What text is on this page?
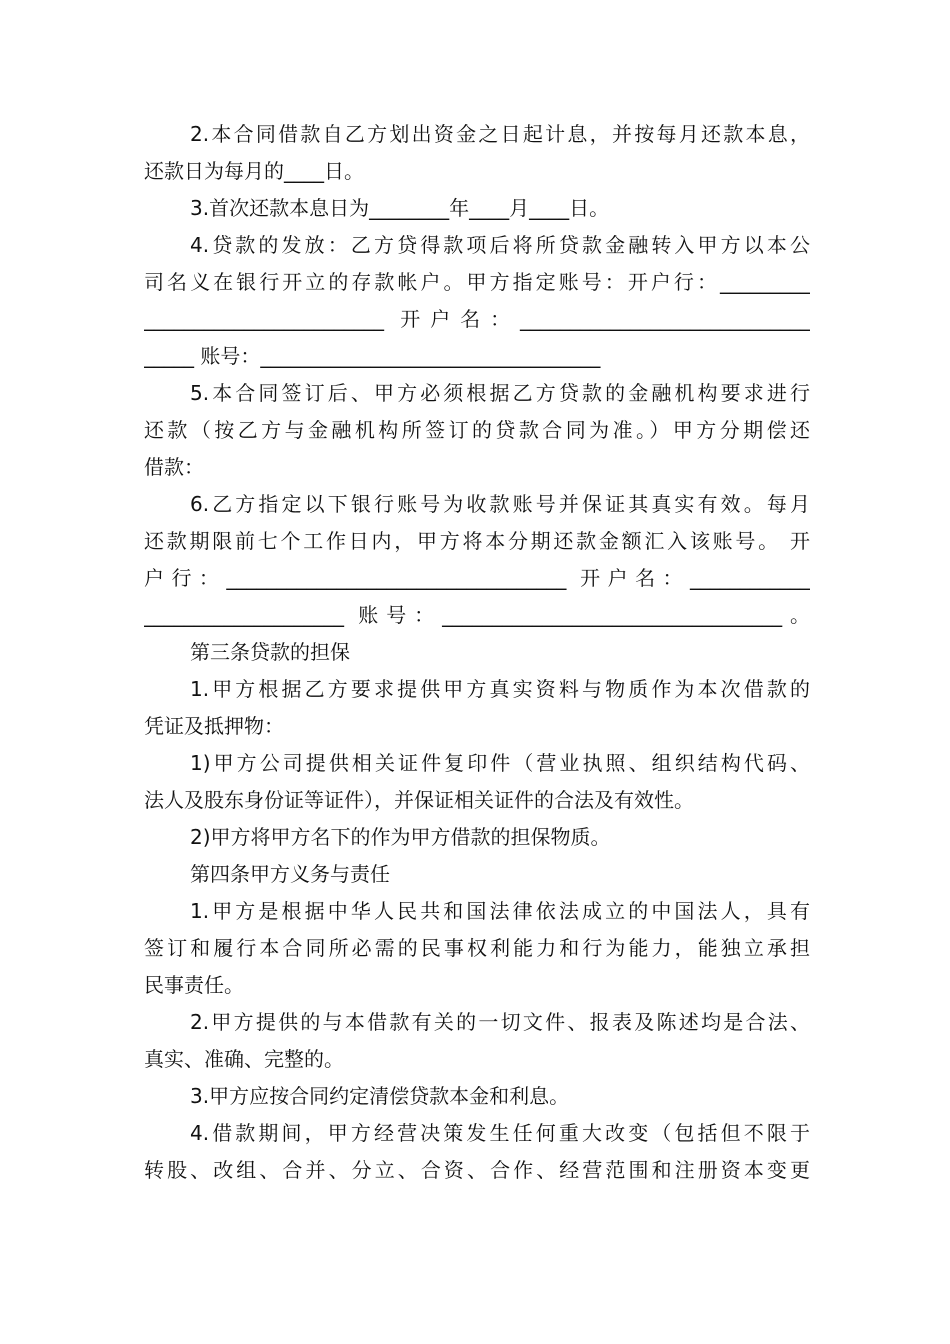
2.本合同借款自乙方划出资金之日起计息，并按每月还款本息，
还款日为每月的____日。
3.首次还款本息日为________年____月____日。
4.贷款的发放：乙方贷得款项后将所贷款金融转入甲方以本公
司名义在银行开立的存款帐户。甲方指定账号：开户行：_________
________________________ 开户名：_____________________________
_____ 账号：__________________________________
5.本合同签订后、甲方必须根据乙方贷款的金融机构要求进行
还款（按乙方与金融机构所签订的贷款合同为准。）甲方分期偿还
借款：
6.乙方指定以下银行账号为收款账号并保证其真实有效。每月
还款期限前七个工作日内，甲方将本分期还款金额汇入该账号。 开
户行：__________________________________ 开户名：____________
____________________ 账号：__________________________________。
第三条贷款的担保
1.甲方根据乙方要求提供甲方真实资料与物质作为本次借款的
凭证及抵押物：
1)甲方公司提供相关证件复印件（营业执照、组织结构代码、
法人及股东身份证等证件），并保证相关证件的合法及有效性。
2)甲方将甲方名下的作为甲方借款的担保物质。
第四条甲方义务与责任
1.甲方是根据中华人民共和国法律依法成立的中国法人，具有
签订和履行本合同所必需的民事权利能力和行为能力，能独立承担
民事责任。
2.甲方提供的与本借款有关的一切文件、报表及陈述均是合法、
真实、准确、完整的。
3.甲方应按合同约定清偿贷款本金和利息。
4.借款期间，甲方经营决策发生任何重大改变（包括但不限于
转股、改组、合并、分立、合资、合作、经营范围和注册资本变更
